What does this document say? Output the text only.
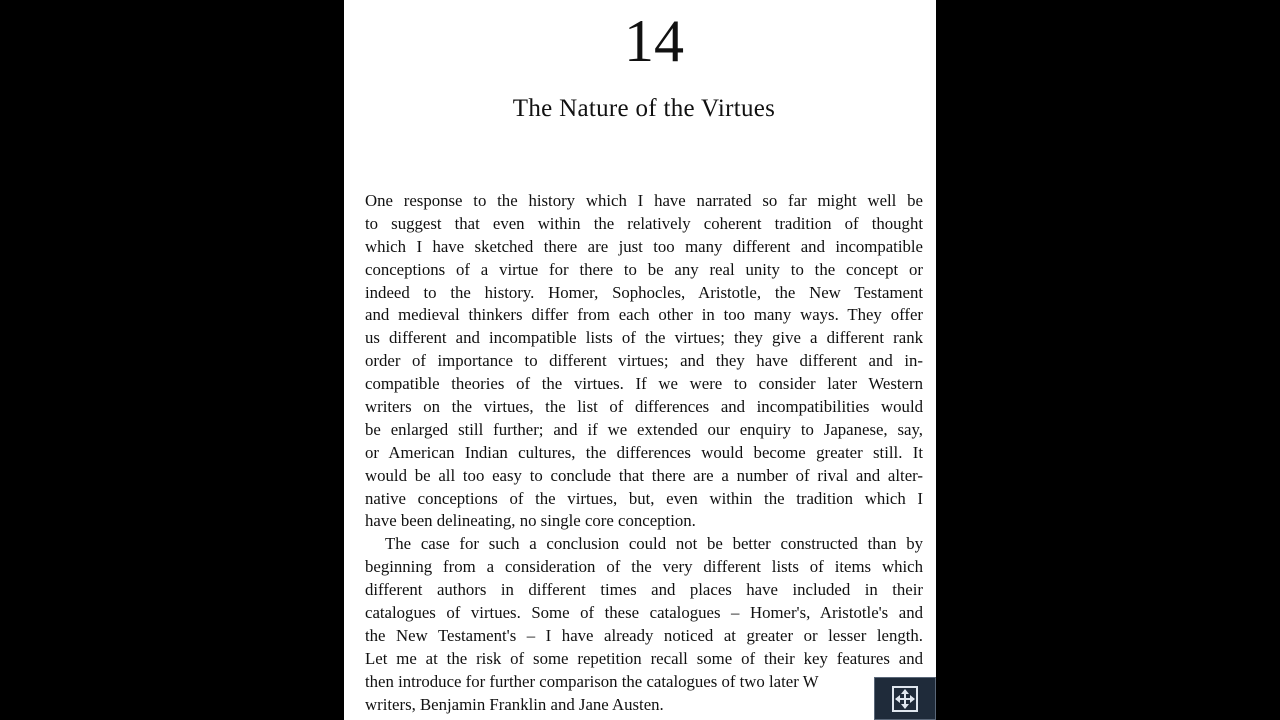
14
The Nature of the Virtues
One response to the history which I have narrated so far might well be
to suggest that even within the relatively coherent tradition of thought
which I have sketched there are just too many different and incompatible
conceptions of a virtue for there to be any real unity to the concept or
indeed to the history. Homer, Sophocles, Aristotle, the New Testament
and medieval thinkers differ from each other in too many ways. They offer
us different and incompatible lists of the virtues; they give a different rank
order of importance to different virtues; and they have different and in-
compatible theories of the virtues. If we were to consider later Western
writers on the virtues, the list of differences and incompatibilities would
be enlarged still further; and if we extended our enquiry to Japanese, say,
or American Indian cultures, the differences would become greater still. It
would be all too easy to conclude that there are a number of rival and alter-
native conceptions of the virtues, but, even within the tradition which I
have been delineating, no single core conception.
The case for such a conclusion could not be better constructed than by
beginning from a consideration of the very different lists of items which
different authors in different times and places have included in their
catalogues of virtues. Some of these catalogues – Homer's, Aristotle's and
the New Testament's – I have already noticed at greater or lesser length.
Let me at the risk of some repetition recall some of their key features and
then introduce for further comparison the catalogues of two later W
writers, Benjamin Franklin and Jane Austen.
